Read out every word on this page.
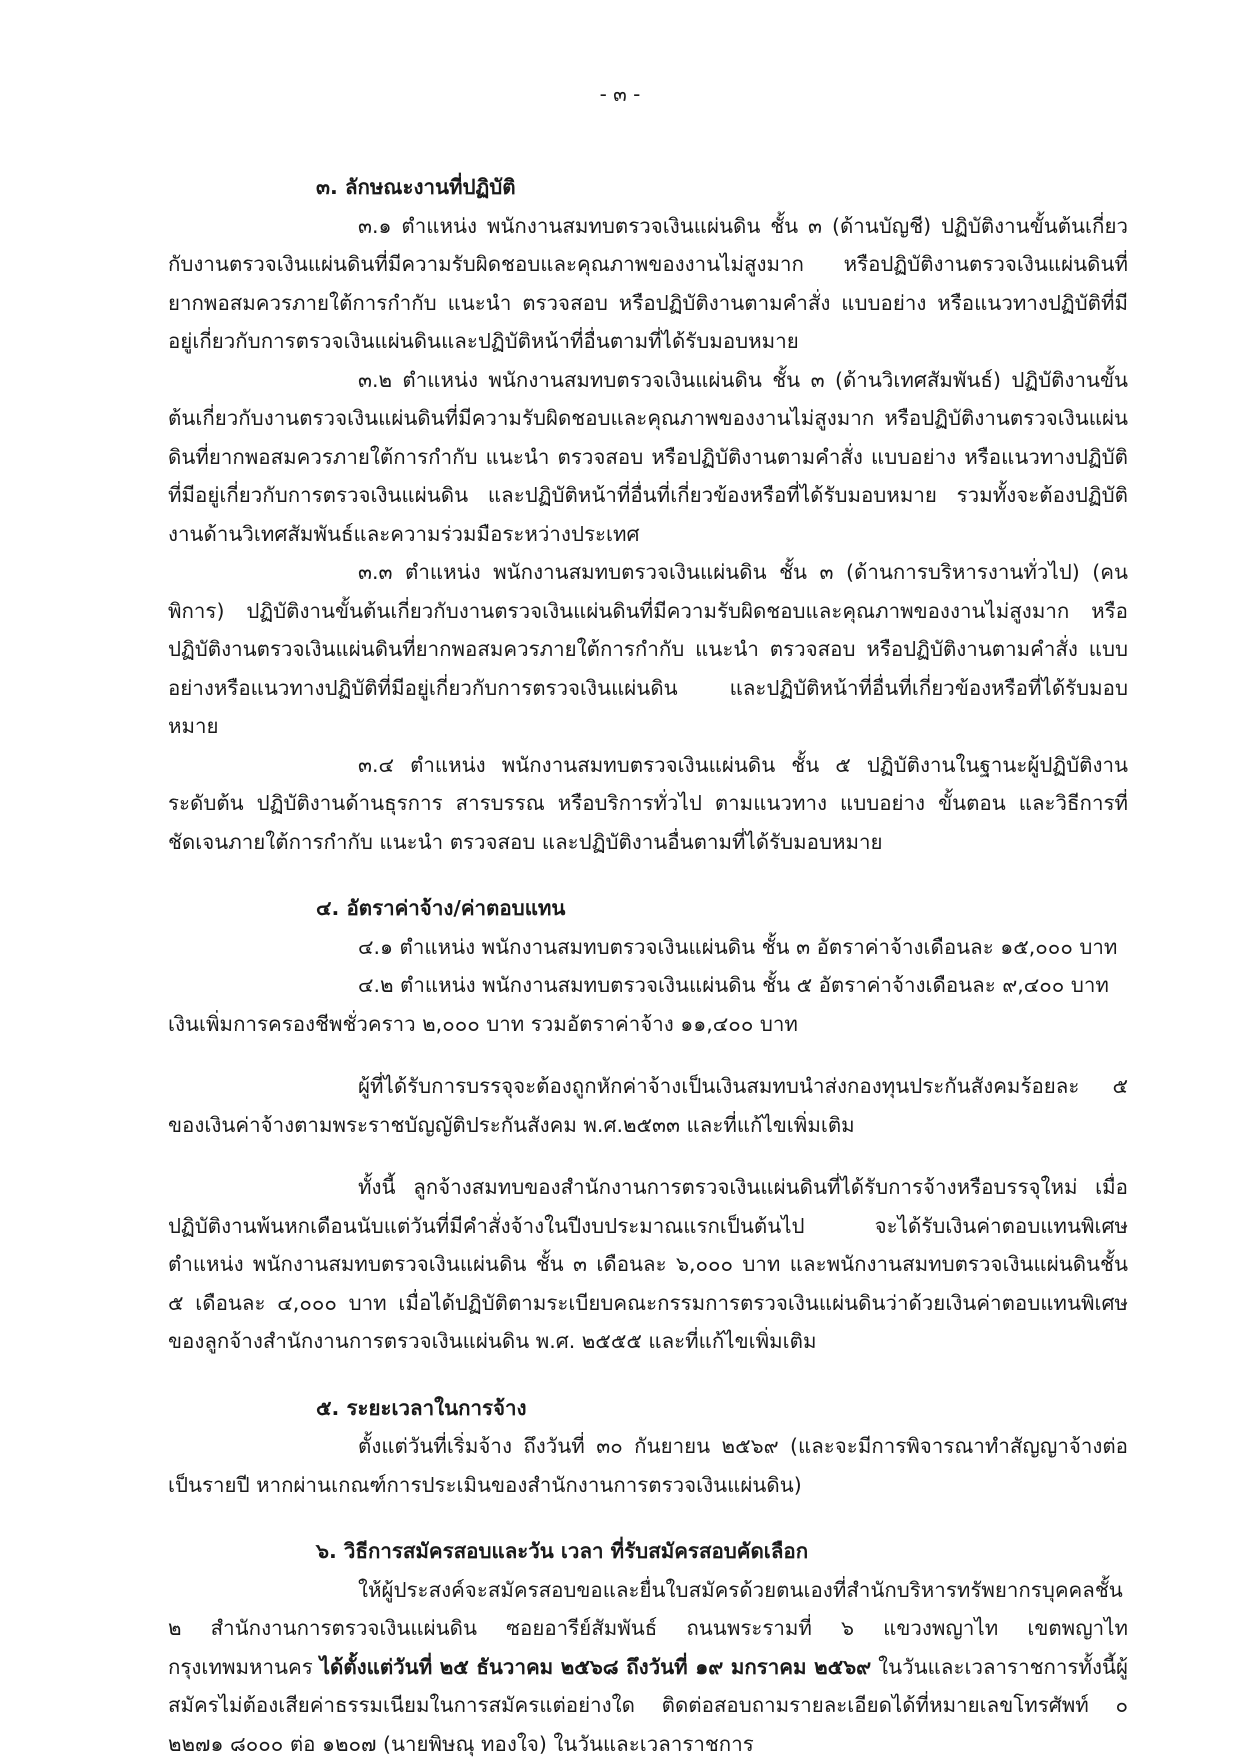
- ๓ -

๓. ลักษณะงานที่ปฏิบัติ

๓.๑ ตำแหน่ง พนักงานสมทบตรวจเงินแผ่นดิน ชั้น ๓ (ด้านบัญชี) ปฏิบัติงานขั้นต้นเกี่ยวกับงานตรวจเงินแผ่นดินที่มีความรับผิดชอบและคุณภาพของงานไม่สูงมาก หรือปฏิบัติงานตรวจเงินแผ่นดินที่ยากพอสมควรภายใต้การกำกับ แนะนำ ตรวจสอบ หรือปฏิบัติงานตามคำสั่ง แบบอย่าง หรือแนวทางปฏิบัติที่มีอยู่เกี่ยวกับการตรวจเงินแผ่นดินและปฏิบัติหน้าที่อื่นตามที่ได้รับมอบหมาย

๓.๒ ตำแหน่ง พนักงานสมทบตรวจเงินแผ่นดิน ชั้น ๓ (ด้านวิเทศสัมพันธ์) ปฏิบัติงานขั้นต้นเกี่ยวกับงานตรวจเงินแผ่นดินที่มีความรับผิดชอบและคุณภาพของงานไม่สูงมาก หรือปฏิบัติงานตรวจเงินแผ่นดินที่ยากพอสมควรภายใต้การกำกับ แนะนำ ตรวจสอบ หรือปฏิบัติงานตามคำสั่ง แบบอย่าง หรือแนวทางปฏิบัติที่มีอยู่เกี่ยวกับการตรวจเงินแผ่นดิน และปฏิบัติหน้าที่อื่นที่เกี่ยวข้องหรือที่ได้รับมอบหมาย รวมทั้งจะต้องปฏิบัติงานด้านวิเทศสัมพันธ์และความร่วมมือระหว่างประเทศ

๓.๓ ตำแหน่ง พนักงานสมทบตรวจเงินแผ่นดิน ชั้น ๓ (ด้านการบริหารงานทั่วไป) (คนพิการ) ปฏิบัติงานขั้นต้นเกี่ยวกับงานตรวจเงินแผ่นดินที่มีความรับผิดชอบและคุณภาพของงานไม่สูงมาก หรือปฏิบัติงานตรวจเงินแผ่นดินที่ยากพอสมควรภายใต้การกำกับ แนะนำ ตรวจสอบ หรือปฏิบัติงานตามคำสั่ง แบบอย่างหรือแนวทางปฏิบัติที่มีอยู่เกี่ยวกับการตรวจเงินแผ่นดิน และปฏิบัติหน้าที่อื่นที่เกี่ยวข้องหรือที่ได้รับมอบหมาย

๓.๔ ตำแหน่ง พนักงานสมทบตรวจเงินแผ่นดิน ชั้น ๕ ปฏิบัติงานในฐานะผู้ปฏิบัติงานระดับต้น ปฏิบัติงานด้านธุรการ สารบรรณ หรือบริการทั่วไป ตามแนวทาง แบบอย่าง ขั้นตอน และวิธีการที่ชัดเจนภายใต้การกำกับ แนะนำ ตรวจสอบ และปฏิบัติงานอื่นตามที่ได้รับมอบหมาย

๔. อัตราค่าจ้าง/ค่าตอบแทน

๔.๑ ตำแหน่ง พนักงานสมทบตรวจเงินแผ่นดิน ชั้น ๓ อัตราค่าจ้างเดือนละ ๑๕,๐๐๐ บาท

๔.๒ ตำแหน่ง พนักงานสมทบตรวจเงินแผ่นดิน ชั้น ๕ อัตราค่าจ้างเดือนละ ๙,๔๐๐ บาท

เงินเพิ่มการครองชีพชั่วคราว ๒,๐๐๐ บาท รวมอัตราค่าจ้าง ๑๑,๔๐๐ บาท

ผู้ที่ได้รับการบรรจุจะต้องถูกหักค่าจ้างเป็นเงินสมทบนำส่งกองทุนประกันสังคมร้อยละ ๕ ของเงินค่าจ้างตามพระราชบัญญัติประกันสังคม พ.ศ.๒๕๓๓ และที่แก้ไขเพิ่มเติม

ทั้งนี้ ลูกจ้างสมทบของสำนักงานการตรวจเงินแผ่นดินที่ได้รับการจ้างหรือบรรจุใหม่ เมื่อปฏิบัติงานพ้นหกเดือนนับแต่วันที่มีคำสั่งจ้างในปีงบประมาณแรกเป็นต้นไป จะได้รับเงินค่าตอบแทนพิเศษตำแหน่ง พนักงานสมทบตรวจเงินแผ่นดิน ชั้น ๓ เดือนละ ๖,๐๐๐ บาท และพนักงานสมทบตรวจเงินแผ่นดินชั้น ๕ เดือนละ ๔,๐๐๐ บาท เมื่อได้ปฏิบัติตามระเบียบคณะกรรมการตรวจเงินแผ่นดินว่าด้วยเงินค่าตอบแทนพิเศษของลูกจ้างสำนักงานการตรวจเงินแผ่นดิน พ.ศ. ๒๕๕๕ และที่แก้ไขเพิ่มเติม

๕. ระยะเวลาในการจ้าง

ตั้งแต่วันที่เริ่มจ้าง ถึงวันที่ ๓๐ กันยายน ๒๕๖๙ (และจะมีการพิจารณาทำสัญญาจ้างต่อเป็นรายปี หากผ่านเกณฑ์การประเมินของสำนักงานการตรวจเงินแผ่นดิน)

๖. วิธีการสมัครสอบและวัน เวลา ที่รับสมัครสอบคัดเลือก

ให้ผู้ประสงค์จะสมัครสอบขอและยื่นใบสมัครด้วยตนเองที่สำนักบริหารทรัพยากรบุคคลชั้น ๒ สำนักงานการตรวจเงินแผ่นดิน ซอยอารีย์สัมพันธ์ ถนนพระรามที่ ๖ แขวงพญาไท เขตพญาไทกรุงเทพมหานคร ได้ตั้งแต่วันที่ ๒๕ ธันวาคม ๒๕๖๘ ถึงวันที่ ๑๙ มกราคม ๒๕๖๙ ในวันและเวลาราชการทั้งนี้ผู้สมัครไม่ต้องเสียค่าธรรมเนียมในการสมัครแต่อย่างใด ติดต่อสอบถามรายละเอียดได้ที่หมายเลขโทรศัพท์ ๐ ๒๒๗๑ ๘๐๐๐ ต่อ ๑๒๐๗ (นายพิษณุ ทองใจ) ในวันและเวลาราชการ
